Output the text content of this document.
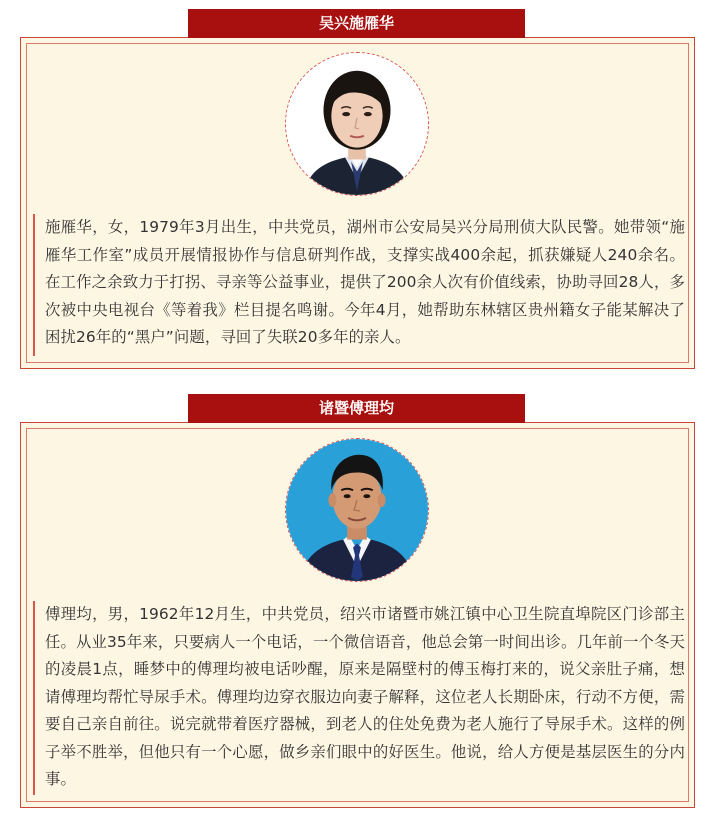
吴兴施雁华
施雁华，女，1979年3月出生，中共党员，湖州市公安局吴兴分局刑侦大队民警。她带领“施雁华工作室”成员开展情报协作与信息研判作战，支撑实战400余起，抓获嫌疑人240余名。在工作之余致力于打拐、寻亲等公益事业，提供了200余人次有价值线索，协助寻回28人，多次被中央电视台《等着我》栏目提名鸣谢。今年4月，她帮助东林辖区贵州籍女子能某解决了困扰26年的“黑户”问题，寻回了失联20多年的亲人。
诸暨傅理均
傅理均，男，1962年12月生，中共党员，绍兴市诸暨市姚江镇中心卫生院直埠院区门诊部主任。从业35年来，只要病人一个电话，一个微信语音，他总会第一时间出诊。几年前一个冬天的凌晨1点，睡梦中的傅理均被电话吵醒，原来是隔壁村的傅玉梅打来的，说父亲肚子痛，想请傅理均帮忙导尿手术。傅理均边穿衣服边向妻子解释，这位老人长期卧床，行动不方便，需要自己亲自前往。说完就带着医疗器械，到老人的住处免费为老人施行了导尿手术。这样的例子举不胜举，但他只有一个心愿，做乡亲们眼中的好医生。他说，给人方便是基层医生的分内事。
